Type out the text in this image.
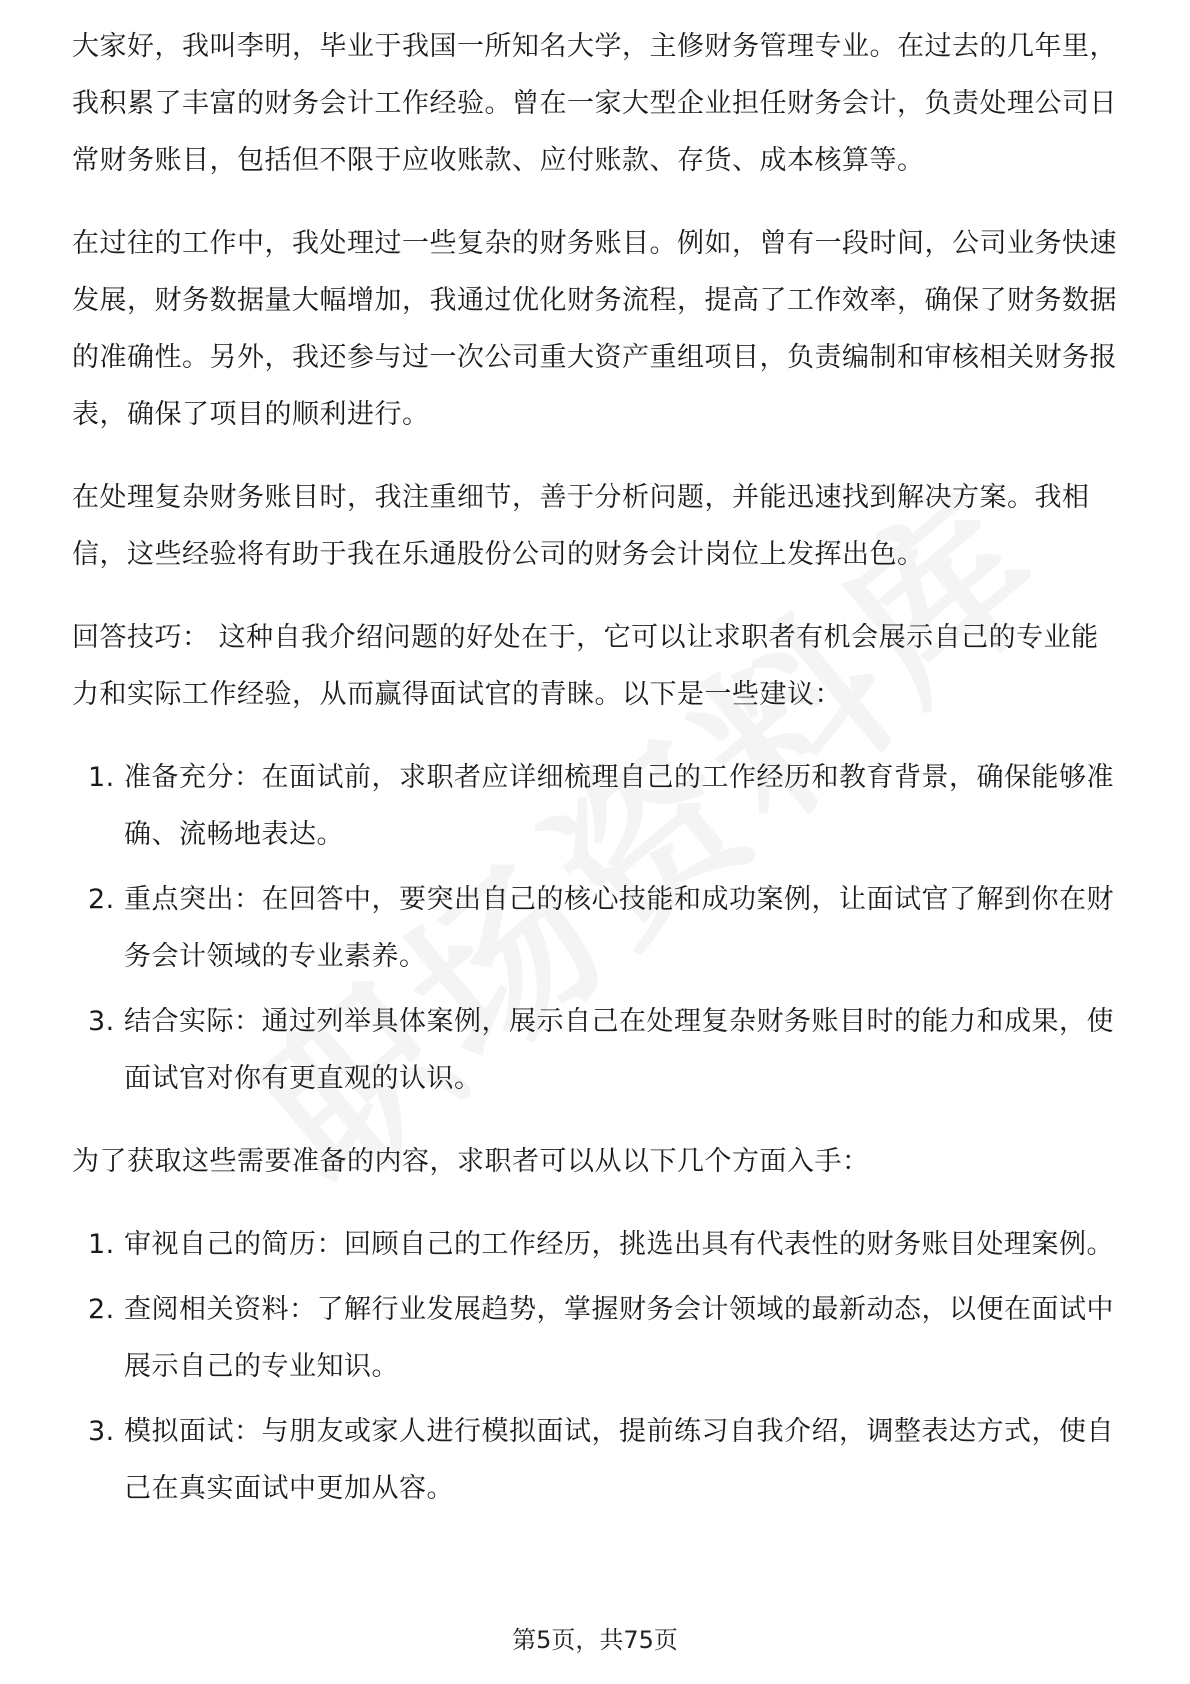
大家好，我叫李明，毕业于我国一所知名大学，主修财务管理专业。在过去的几年里，我积累了丰富的财务会计工作经验。曾在一家大型企业担任财务会计，负责处理公司日常财务账目，包括但不限于应收账款、应付账款、存货、成本核算等。

在过往的工作中，我处理过一些复杂的财务账目。例如，曾有一段时间，公司业务快速发展，财务数据量大幅增加，我通过优化财务流程，提高了工作效率，确保了财务数据的准确性。另外，我还参与过一次公司重大资产重组项目，负责编制和审核相关财务报表，确保了项目的顺利进行。

在处理复杂财务账目时，我注重细节，善于分析问题，并能迅速找到解决方案。我相信，这些经验将有助于我在乐通股份公司的财务会计岗位上发挥出色。

回答技巧： 这种自我介绍问题的好处在于，它可以让求职者有机会展示自己的专业能力和实际工作经验，从而赢得面试官的青睐。以下是一些建议：

1. 准备充分：在面试前，求职者应详细梳理自己的工作经历和教育背景，确保能够准确、流畅地表达。
2. 重点突出：在回答中，要突出自己的核心技能和成功案例，让面试官了解到你在财务会计领域的专业素养。
3. 结合实际：通过列举具体案例，展示自己在处理复杂财务账目时的能力和成果，使面试官对你有更直观的认识。

为了获取这些需要准备的内容，求职者可以从以下几个方面入手：

1. 审视自己的简历：回顾自己的工作经历，挑选出具有代表性的财务账目处理案例。
2. 查阅相关资料：了解行业发展趋势，掌握财务会计领域的最新动态，以便在面试中展示自己的专业知识。
3. 模拟面试：与朋友或家人进行模拟面试，提前练习自我介绍，调整表达方式，使自己在真实面试中更加从容。
第5页，共75页
